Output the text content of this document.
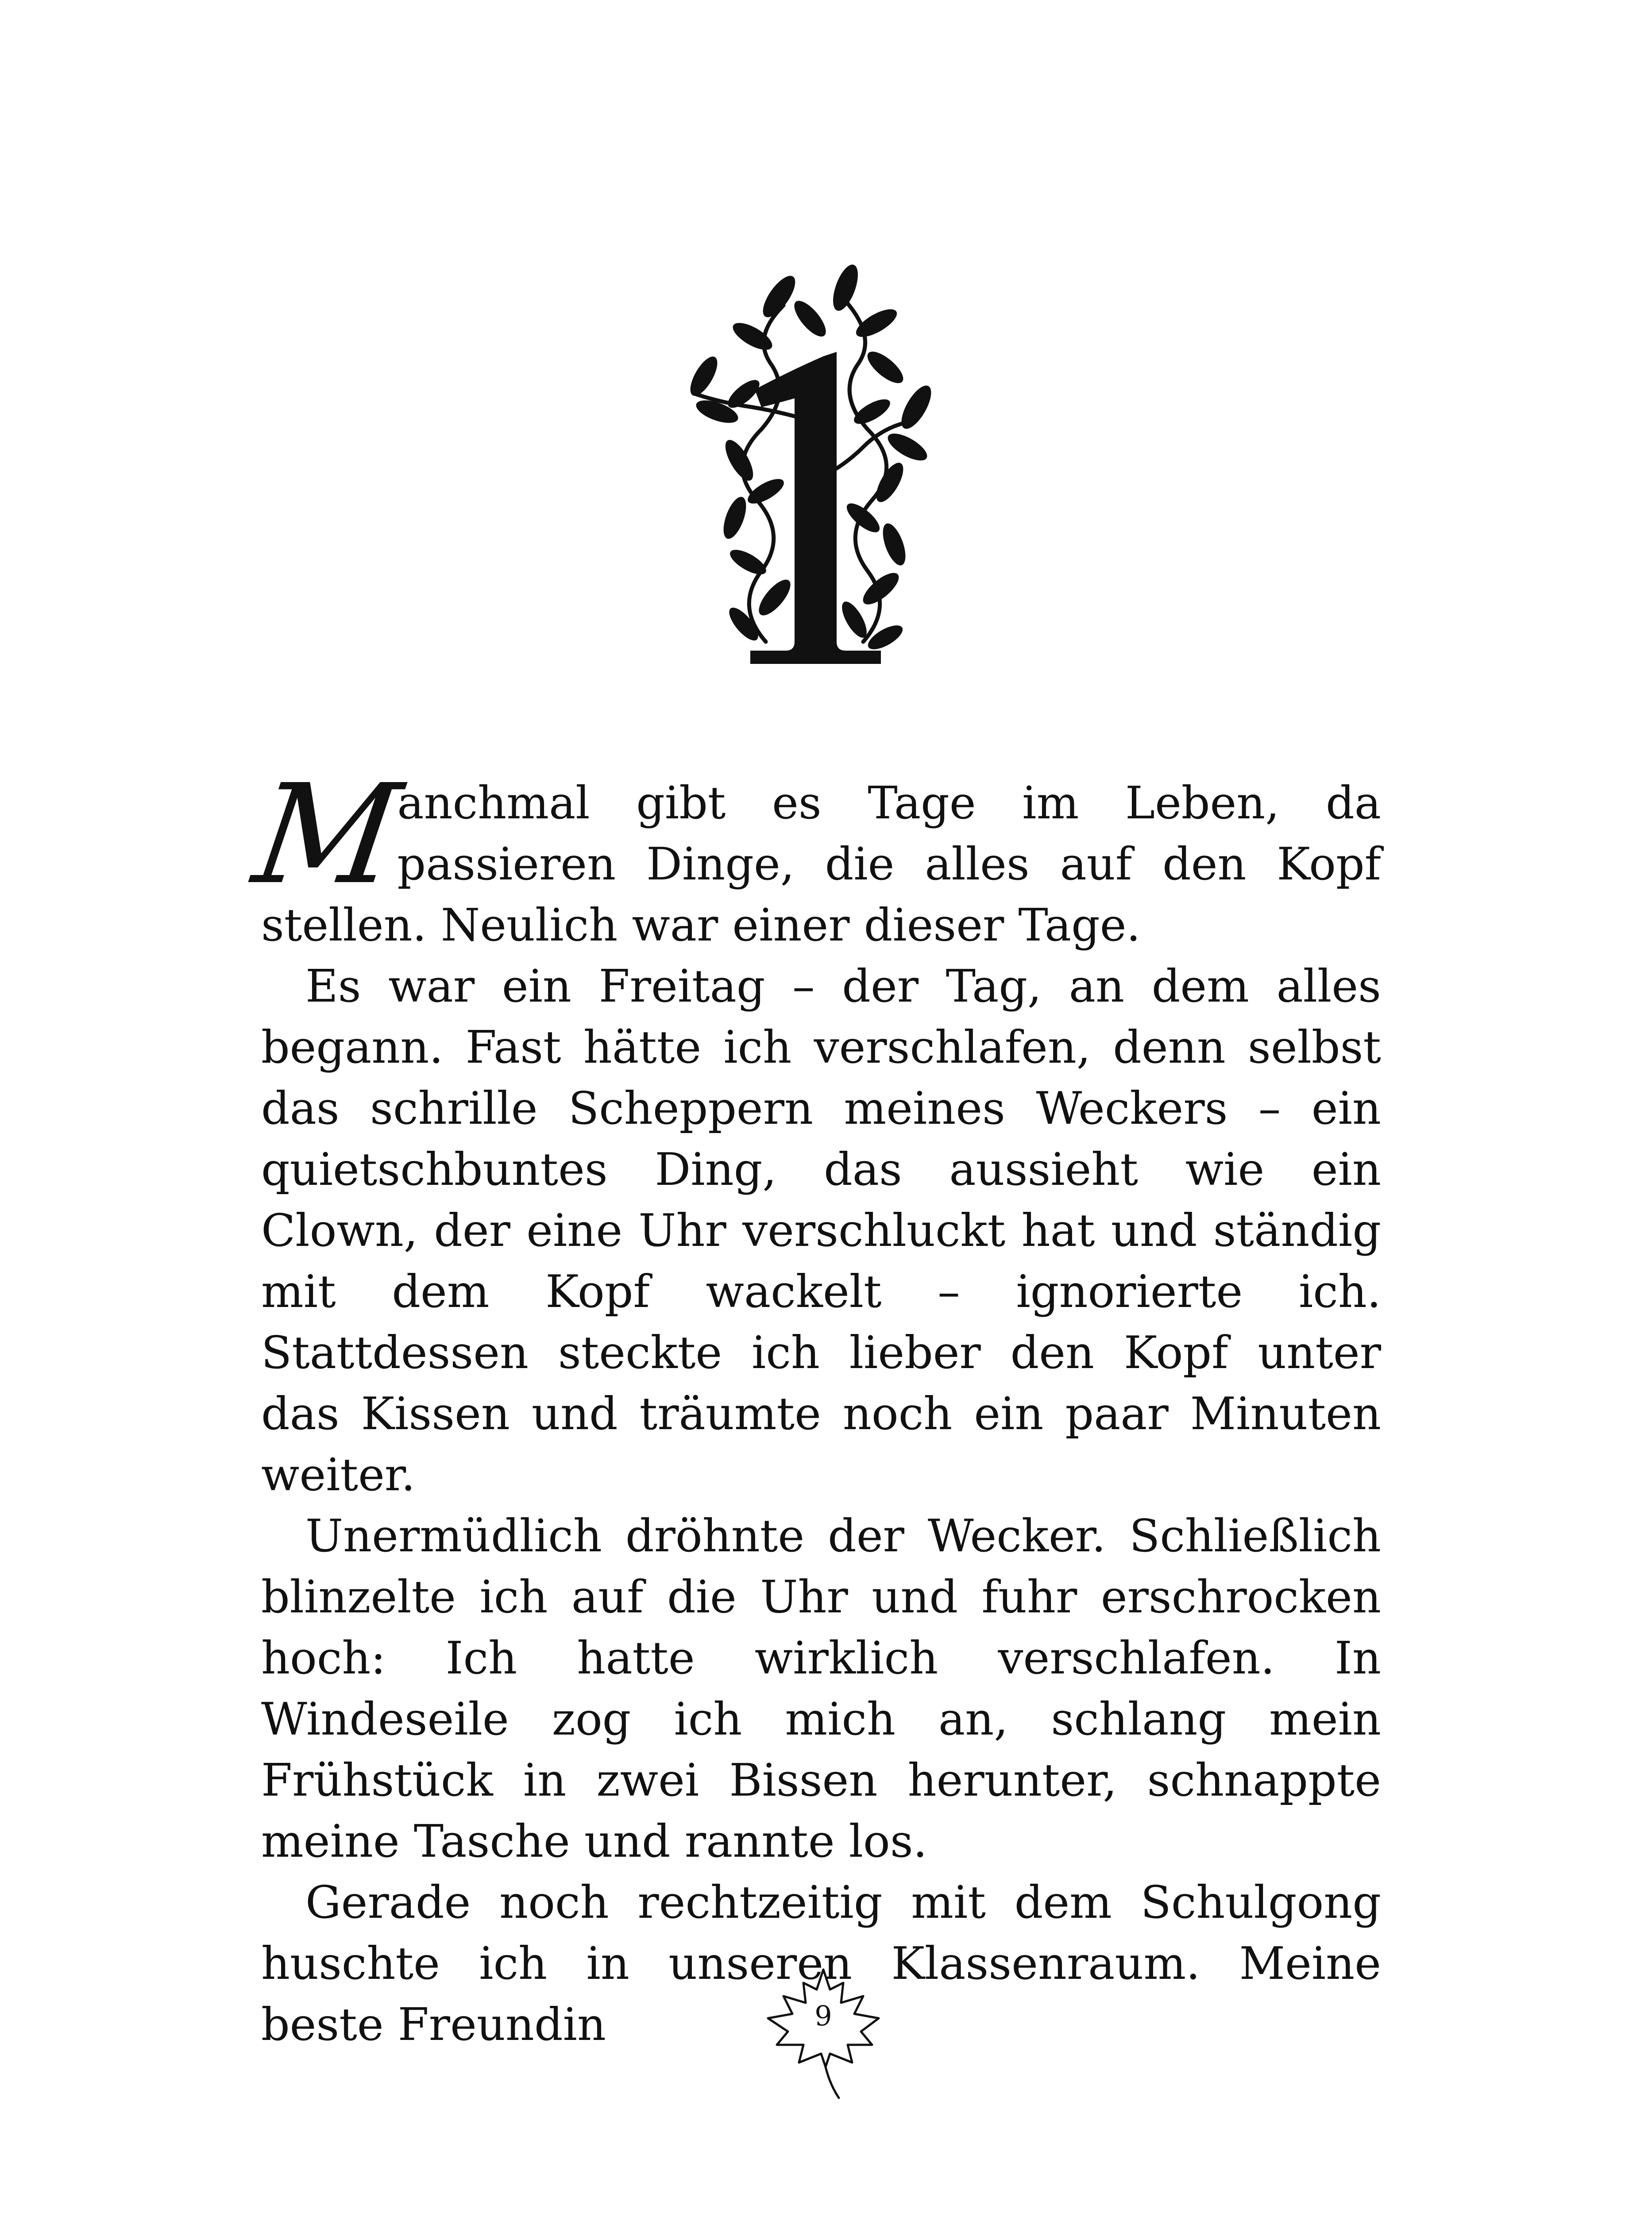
M
anchmal gibt es Tage im Leben, da passieren Dinge, die alles auf den Kopf stellen. Neulich war einer dieser Tage.

Es war ein Freitag – der Tag, an dem alles begann. Fast hätte ich verschlafen, denn selbst das schrille Scheppern meines Weckers – ein quietschbuntes Ding, das aussieht wie ein Clown, der eine Uhr verschluckt hat und ständig mit dem Kopf wackelt – ignorierte ich. Stattdessen steckte ich lieber den Kopf unter das Kissen und träumte noch ein paar Minuten weiter.

Unermüdlich dröhnte der Wecker. Schließlich blinzelte ich auf die Uhr und fuhr erschrocken hoch: Ich hatte wirklich verschlafen. In Windeseile zog ich mich an, schlang mein Frühstück in zwei Bissen herunter, schnappte meine Tasche und rannte los.

Gerade noch rechtzeitig mit dem Schulgong huschte ich in unseren Klassenraum. Meine beste Freundin	9
